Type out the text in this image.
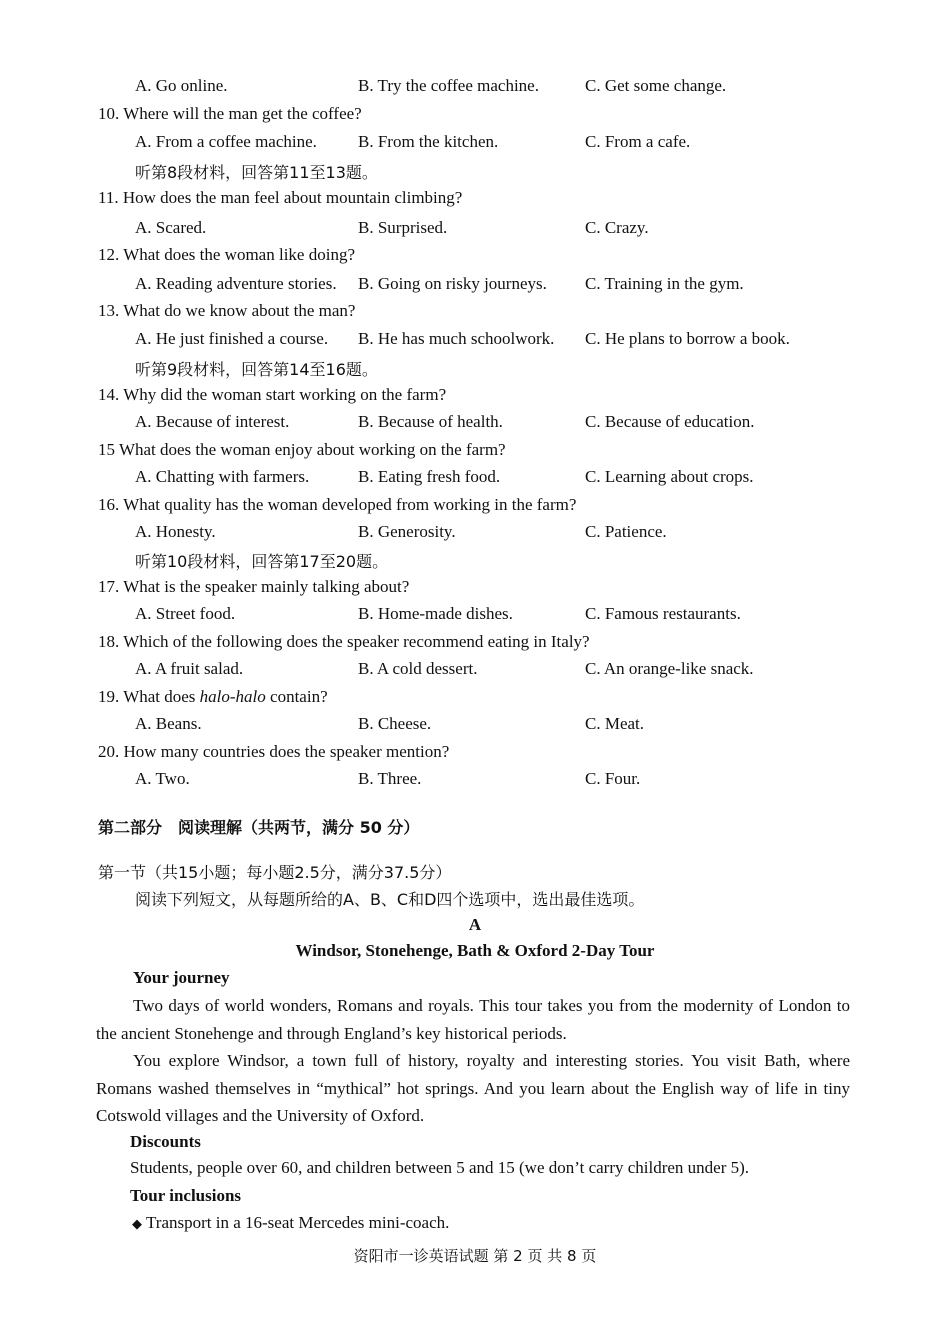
A. Go online.	B. Try the coffee machine.	C. Get some change.
10. Where will the man get the coffee?
A. From a coffee machine. B. From the kitchen.	C. From a cafe.
听第8段材料，回答第11至13题。
11. How does the man feel about mountain climbing?
A. Scared.	B. Surprised.	C. Crazy.
12. What does the woman like doing?
A. Reading adventure stories. B. Going on risky journeys. C. Training in the gym.
13. What do we know about the man?
A. He just finished a course. B. He has much schoolwork. C. He plans to borrow a book.
听第9段材料，回答第14至16题。
14. Why did the woman start working on the farm?
A. Because of interest.	B. Because of health.	C. Because of education.
15 What does the woman enjoy about working on the farm?
A. Chatting with farmers.	B. Eating fresh food.	C. Learning about crops.
16. What quality has the woman developed from working in the farm?
A. Honesty.	B. Generosity.	C. Patience.
听第10段材料，回答第17至20题。
17. What is the speaker mainly talking about?
A. Street food.	B. Home-made dishes.	C. Famous restaurants.
18. Which of the following does the speaker recommend eating in Italy?
A. A fruit salad.	B. A cold dessert.	C. An orange-like snack.
19. What does halo-halo contain?
A. Beans.	B. Cheese.	C. Meat.
20. How many countries does the speaker mention?
A. Two.	B. Three.	C. Four.
第二部分　阅读理解（共两节，满分 50 分）
第一节（共15小题；每小题2.5分，满分37.5分）
阅读下列短文，从每题所给的A、B、C和D四个选项中，选出最佳选项。
A
Windsor, Stonehenge, Bath & Oxford 2-Day Tour
Your journey
Two days of world wonders, Romans and royals. This tour takes you from the modernity of London to the ancient Stonehenge and through England’s key historical periods.
You explore Windsor, a town full of history, royalty and interesting stories. You visit Bath, where Romans washed themselves in “mythical” hot springs. And you learn about the English way of life in tiny Cotswold villages and the University of Oxford.
Discounts
Students, people over 60, and children between 5 and 15 (we don’t carry children under 5).
Tour inclusions
◆ Transport in a 16-seat Mercedes mini-coach.
资阳市一诊英语试题 第 2 页 共 8 页
